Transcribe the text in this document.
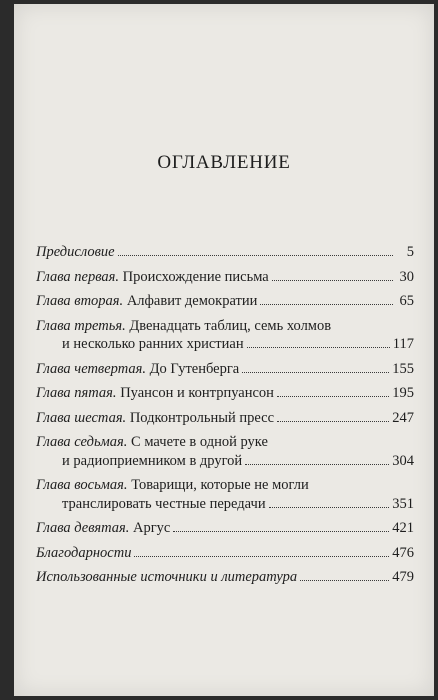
ОГЛАВЛЕНИЕ
Предисловие	5
Глава первая. Происхождение письма	30
Глава вторая. Алфавит демократии	65
Глава третья. Двенадцать таблиц, семь холмов
и несколько ранних христиан	117
Глава четвертая. До Гутенберга	155
Глава пятая. Пуансон и контрпуансон	195
Глава шестая. Подконтрольный пресс	247
Глава седьмая. С мачете в одной руке
и радиоприемником в другой	304
Глава восьмая. Товарищи, которые не могли
транслировать честные передачи	351
Глава девятая. Аргус	421
Благодарности	476
Использованные источники и литература	479
